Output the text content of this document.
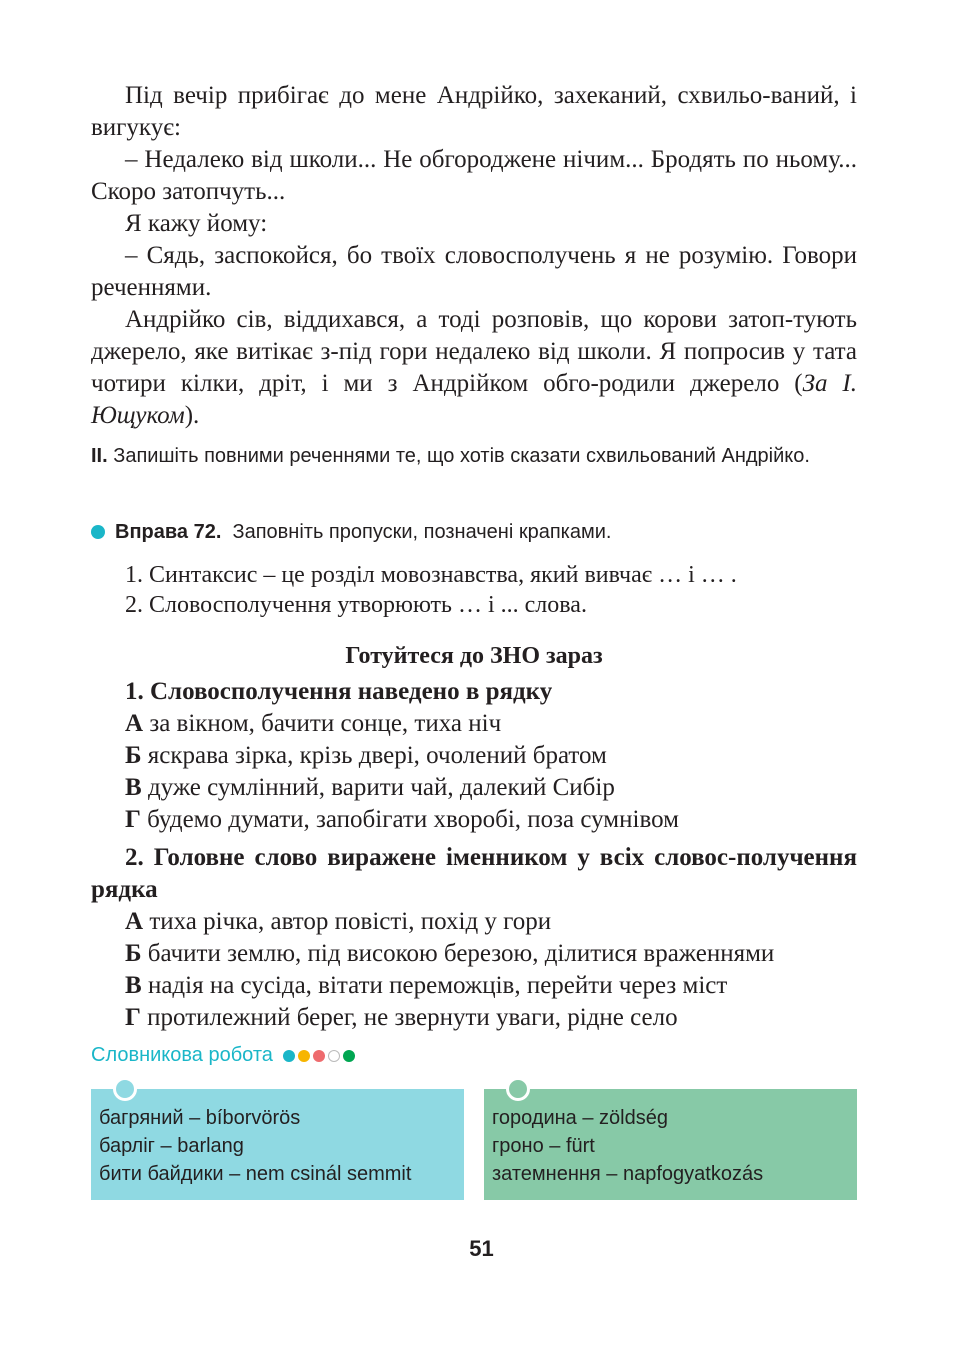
Під вечір прибігає до мене Андрійко, захеканий, схвильо-ваний, і вигукує:

– Недалеко від школи... Не обгороджене нічим... Бродять по ньому... Скоро затопчуть...

Я кажу йому:

– Сядь, заспокойся, бо твоїх словосполучень я не розумію. Говори реченнями.

Андрійко сів, віддихався, а тоді розповів, що корови затоп-тують джерело, яке витікає з-під гори недалеко від школи. Я попросив у тата чотири кілки, дріт, і ми з Андрійком обго-родили джерело (За І. Ющуком).

ІІ. Запишіть повними реченнями те, що хотів сказати схвильований Андрійко.

Вправа 72.
Заповніть пропуски, позначені крапками.

1. Синтаксис – це розділ мовознавства, який вивчає … і … .

2. Словосполучення утворюють … і ... слова.

Готуйтеся до ЗНО зараз

1. Словосполучення наведено в рядку

А за вікном, бачити сонце, тиха ніч

Б яскрава зірка, крізь двері, очолений братом

В дуже сумлінний, варити чай, далекий Сибір

Г будемо думати, запобігати хворобі, поза сумнівом

2. Головне слово виражене іменником у всіх словос-получення рядка

А тиха річка, автор повісті, похід у гори

Б бачити землю, під високою березою, ділитися враженнями

В надія на сусіда, вітати переможців, перейти через міст

Г протилежний берег, не звернути уваги, рідне село

Словникова робота
багряний – bíborvörös
барліг – barlang
бити байдики – nem csinál semmit
городина – zöldség
гроно – fürt
затемнення – napfogyatkozás
51
